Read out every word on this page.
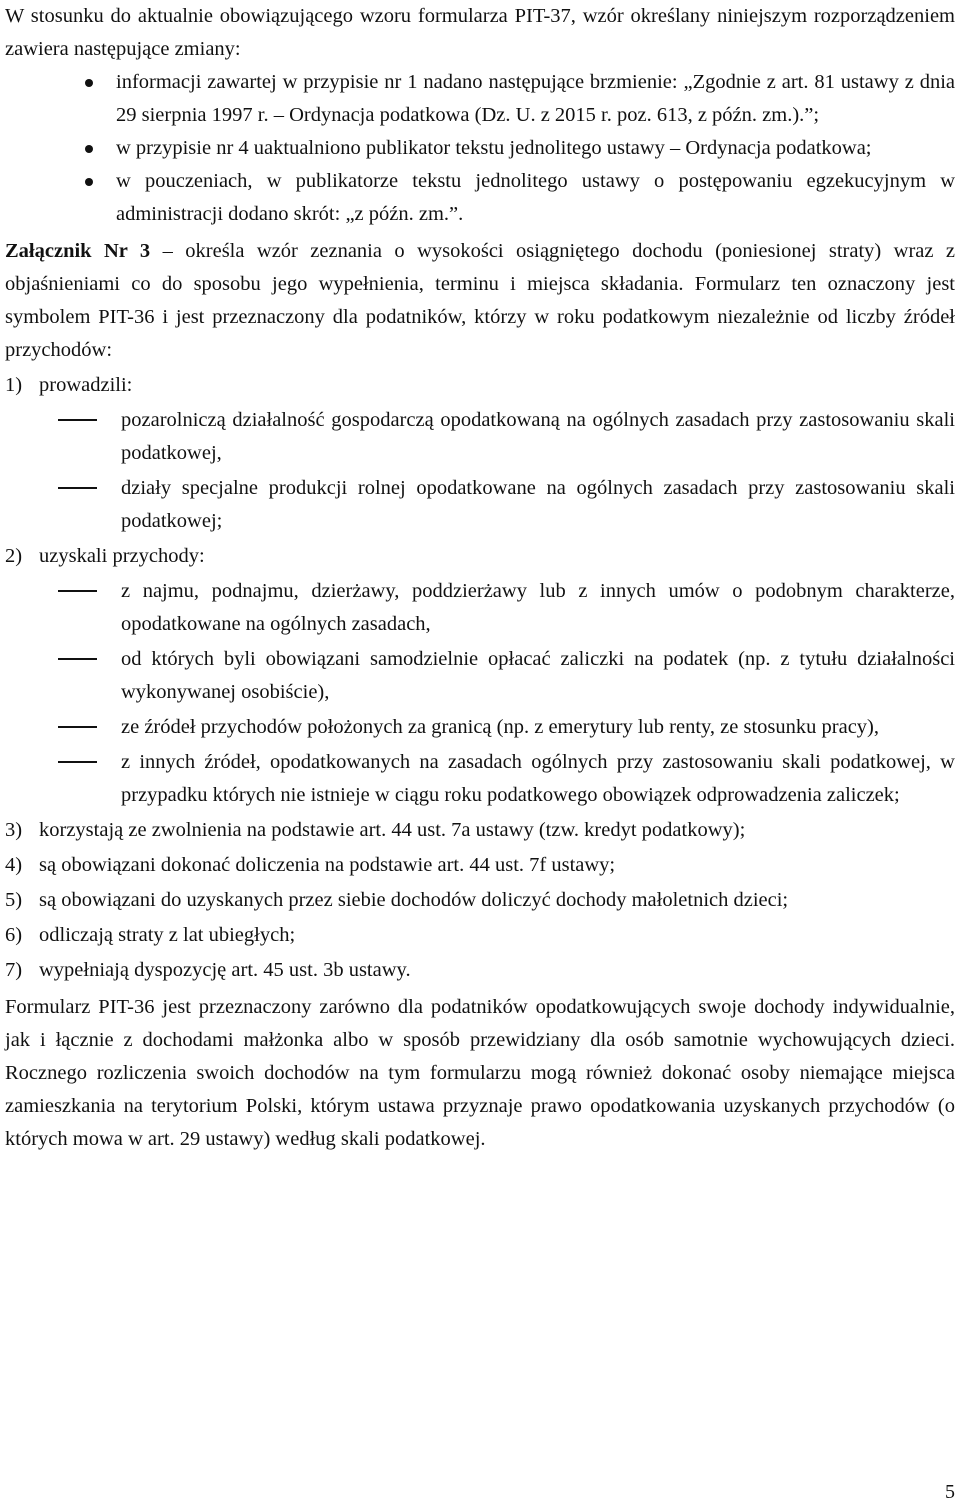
W stosunku do aktualnie obowiązującego wzoru formularza PIT-37, wzór określany niniejszym rozporządzeniem zawiera następujące zmiany:

informacji zawartej w przypisie nr 1 nadano następujące brzmienie: „Zgodnie z art. 81 ustawy z dnia 29 sierpnia 1997 r. – Ordynacja podatkowa (Dz. U. z 2015 r. poz. 613, z późn. zm.).”;
w przypisie nr 4 uaktualniono publikator tekstu jednolitego ustawy – Ordynacja podatkowa;
w pouczeniach, w publikatorze tekstu jednolitego ustawy o postępowaniu egzekucyjnym w administracji dodano skrót: „z późn. zm.”.

Załącznik Nr 3 – określa wzór zeznania o wysokości osiągniętego dochodu (poniesionej straty) wraz z objaśnieniami co do sposobu jego wypełnienia, terminu i miejsca składania. Formularz ten oznaczony jest symbolem PIT-36 i jest przeznaczony dla podatników, którzy w roku podatkowym niezależnie od liczby źródeł przychodów:

1) prowadzili:
pozarolniczą działalność gospodarczą opodatkowaną na ogólnych zasadach przy zastosowaniu skali podatkowej,
działy specjalne produkcji rolnej opodatkowane na ogólnych zasadach przy zastosowaniu skali podatkowej;
2) uzyskali przychody:
z najmu, podnajmu, dzierżawy, poddzierżawy lub z innych umów o podobnym charakterze, opodatkowane na ogólnych zasadach,
od których byli obowiązani samodzielnie opłacać zaliczki na podatek (np. z tytułu działalności wykonywanej osobiście),
ze źródeł przychodów położonych za granicą (np. z emerytury lub renty, ze stosunku pracy),
z innych źródeł, opodatkowanych na zasadach ogólnych przy zastosowaniu skali podatkowej, w przypadku których nie istnieje w ciągu roku podatkowego obowiązek odprowadzenia zaliczek;
3) korzystają ze zwolnienia na podstawie art. 44 ust. 7a ustawy (tzw. kredyt podatkowy);
4) są obowiązani dokonać doliczenia na podstawie art. 44 ust. 7f ustawy;
5) są obowiązani do uzyskanych przez siebie dochodów doliczyć dochody małoletnich dzieci;
6) odliczają straty z lat ubiegłych;
7) wypełniają dyspozycję art. 45 ust. 3b ustawy.

Formularz PIT-36 jest przeznaczony zarówno dla podatników opodatkowujących swoje dochody indywidualnie, jak i łącznie z dochodami małżonka albo w sposób przewidziany dla osób samotnie wychowujących dzieci. Rocznego rozliczenia swoich dochodów na tym formularzu mogą również dokonać osoby niemające miejsca zamieszkania na terytorium Polski, którym ustawa przyznaje prawo opodatkowania uzyskanych przychodów (o których mowa w art. 29 ustawy) według skali podatkowej.

5
